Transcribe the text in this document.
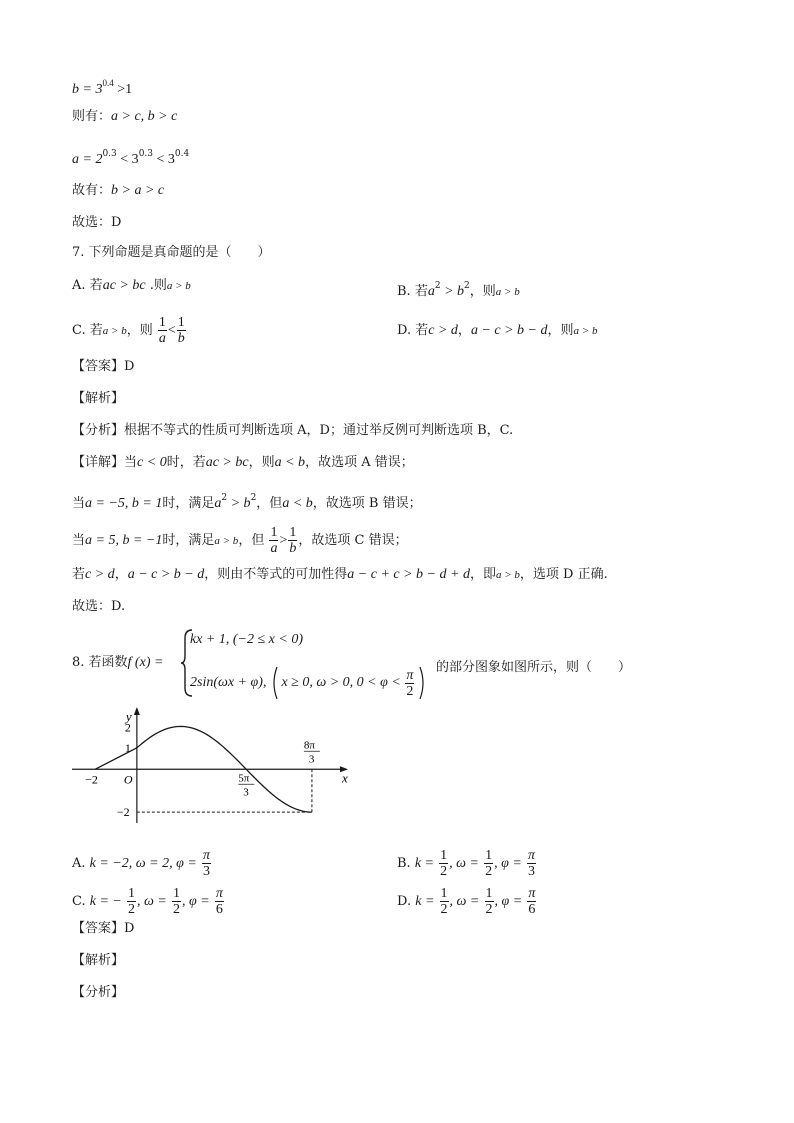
$b = 3^{0.4} >1$
则有：a > c, b > c
$a = 2^{0.3} < 3^{0.3} < 3^{0.4}$
故有：b > a > c
故选：D
7. 下列命题是真命题的是（　　）
A. 若ac > bc .则a > b	B. 若$a^2 > b^2$，则a > b
C. 若a > b，则 $\frac{1}{a} < \frac{1}{b}$	D. 若c > d，a − c > b − d，则a > b
【答案】D
【解析】
【分析】根据不等式的性质可判断选项 A，D；通过举反例可判断选项 B，C.
【详解】当c < 0时，若ac > bc，则a < b，故选项 A 错误；
当a = −5, b = 1时，满足$a^2 > b^2$，但a < b，故选项 B 错误；
当a = 5, b = −1时，满足a > b，但 $\frac{1}{a} > \frac{1}{b}$ ，故选项 C 错误；
若c > d，a − c > b − d，则由不等式的可加性得a − c + c > b − d + d，即a > b，选项 D 正确.
故选：D.
8. 若函数f (x) =
kx + 1, (−2 ≤ x < 0)
2sin(ωx + φ), x ≥ 0, ω > 0, $0 < \varphi < \frac{\pi}{2}$
的部分图象如图所示，则（　　）
y
x
O
−2
2
1
−2
5π
3
8π
3
A. k = −2, ω = 2, $\varphi = \frac{\pi}{3}$	B. $k = \frac{1}{2}$ , $\omega = \frac{1}{2}$ , $\varphi = \frac{\pi}{3}$
C. k = − $\frac{1}{2}$ , $\omega = \frac{1}{2}$ , $\varphi = \frac{\pi}{6}$	D. $k = \frac{1}{2}$ , $\omega = \frac{1}{2}$ , $\varphi = \frac{\pi}{6}$
【答案】D
【解析】
【分析】
